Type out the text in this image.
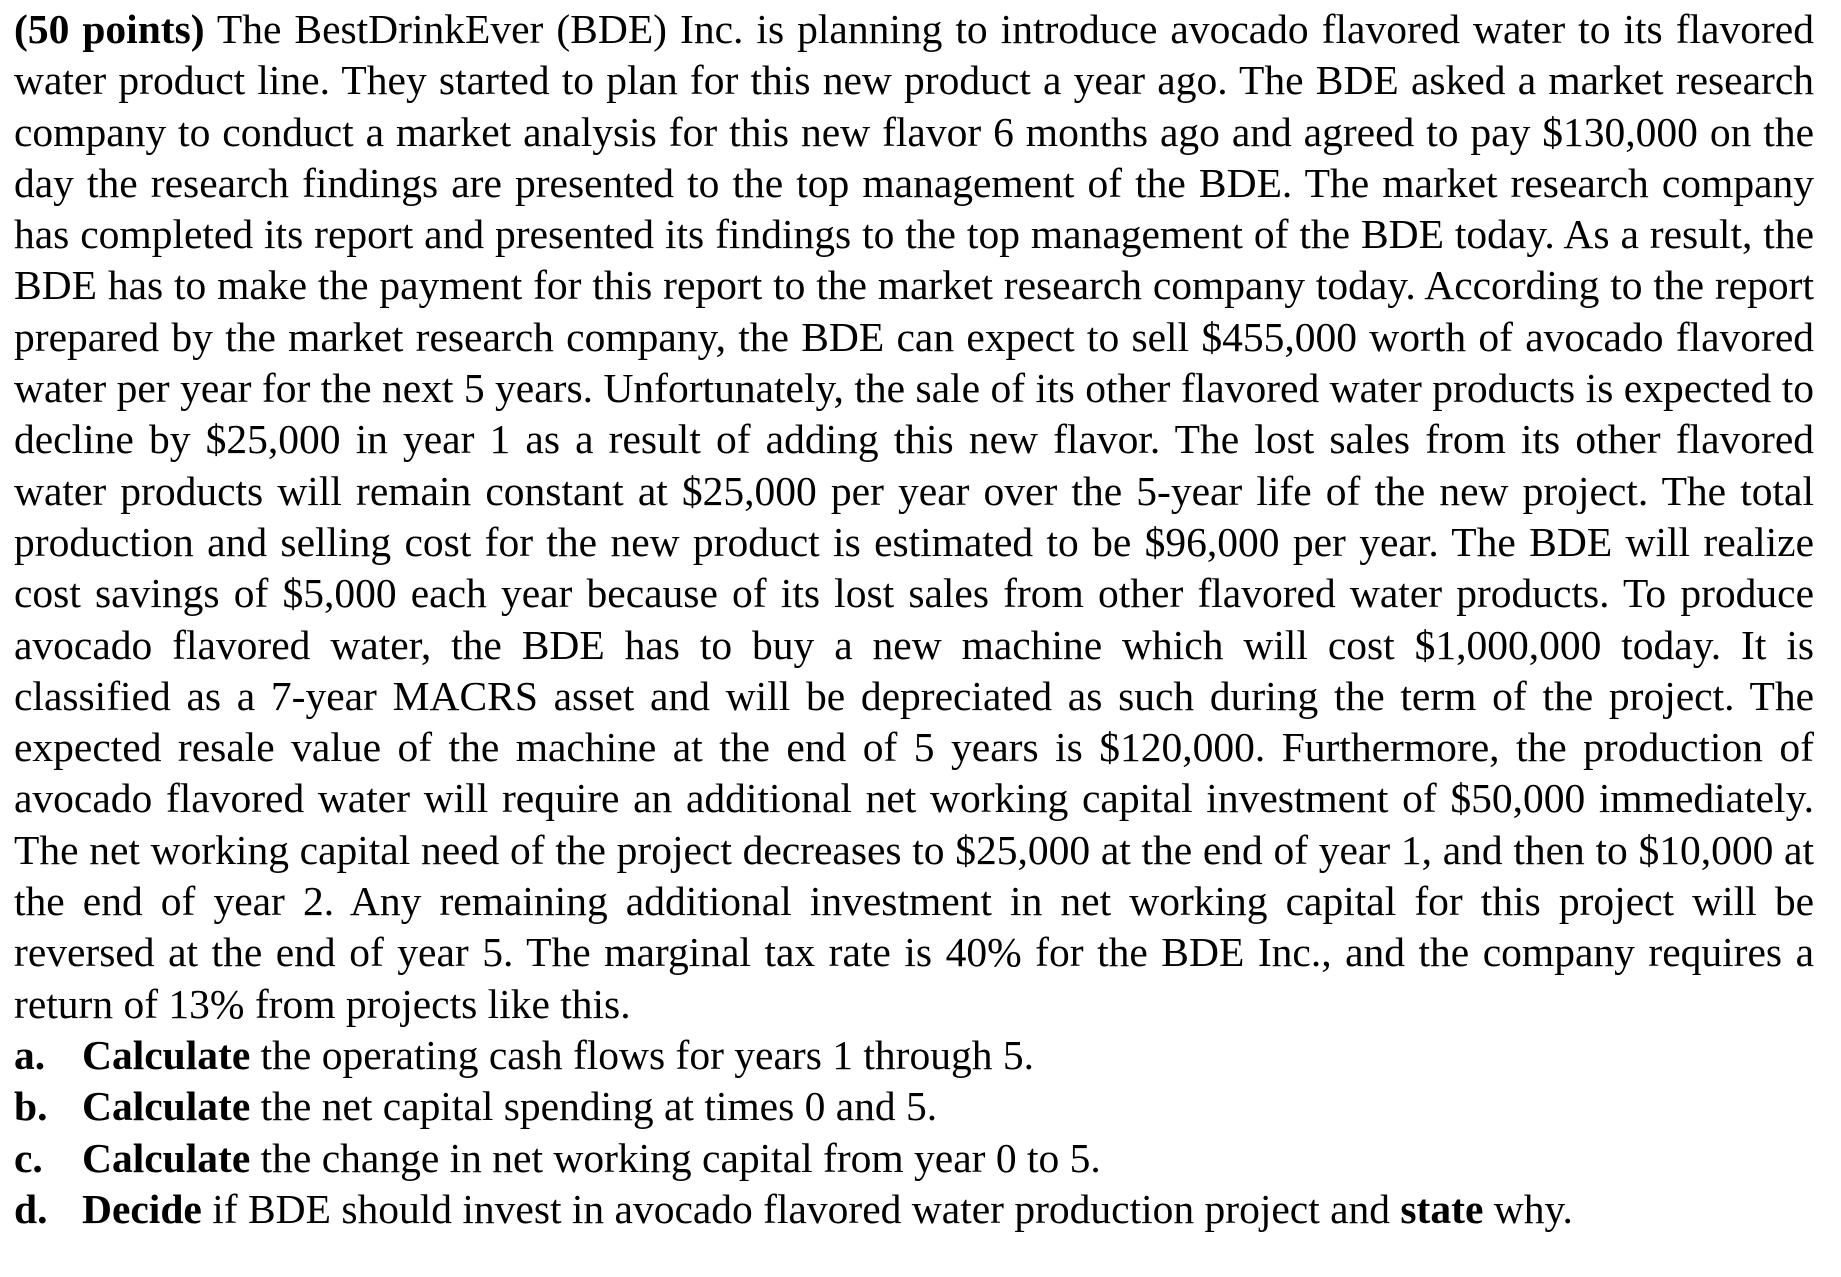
(50 points) The BestDrinkEver (BDE) Inc. is planning to introduce avocado flavored water to its flavored water product line. They started to plan for this new product a year ago. The BDE asked a market research company to conduct a market analysis for this new flavor 6 months ago and agreed to pay $130,000 on the day the research findings are presented to the top management of the BDE. The market research company has completed its report and presented its findings to the top management of the BDE today. As a result, the BDE has to make the payment for this report to the market research company today. According to the report prepared by the market research company, the BDE can expect to sell $455,000 worth of avocado flavored water per year for the next 5 years. Unfortunately, the sale of its other flavored water products is expected to decline by $25,000 in year 1 as a result of adding this new flavor. The lost sales from its other flavored water products will remain constant at $25,000 per year over the 5-year life of the new project. The total production and selling cost for the new product is estimated to be $96,000 per year. The BDE will realize cost savings of $5,000 each year because of its lost sales from other flavored water products. To produce avocado flavored water, the BDE has to buy a new machine which will cost $1,000,000 today. It is classified as a 7-year MACRS asset and will be depreciated as such during the term of the project. The expected resale value of the machine at the end of 5 years is $120,000. Furthermore, the production of avocado flavored water will require an additional net working capital investment of $50,000 immediately. The net working capital need of the project decreases to $25,000 at the end of year 1, and then to $10,000 at the end of year 2. Any remaining additional investment in net working capital for this project will be reversed at the end of year 5. The marginal tax rate is 40% for the BDE Inc., and the company requires a return of 13% from projects like this.

a. Calculate the operating cash flows for years 1 through 5.
b. Calculate the net capital spending at times 0 and 5.
c. Calculate the change in net working capital from year 0 to 5.
d. Decide if BDE should invest in avocado flavored water production project and state why.
